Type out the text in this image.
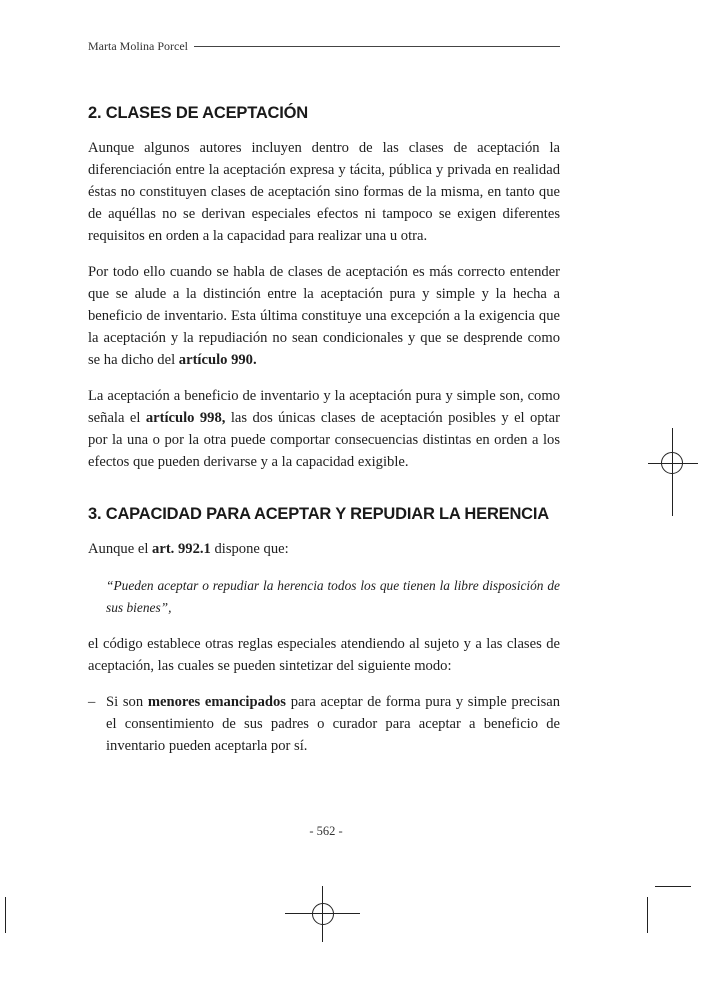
Marta Molina Porcel
2. CLASES DE ACEPTACIÓN

Aunque algunos autores incluyen dentro de las clases de aceptación la diferenciación entre la aceptación expresa y tácita, pública y privada en realidad éstas no constituyen clases de aceptación sino formas de la misma, en tanto que de aquéllas no se derivan especiales efectos ni tampoco se exigen diferentes requisitos en orden a la capacidad para realizar una u otra.

Por todo ello cuando se habla de clases de aceptación es más correcto entender que se alude a la distinción entre la aceptación pura y simple y la hecha a beneficio de inventario. Esta última constituye una excepción a la exigencia que la aceptación y la repudiación no sean condicionales y que se desprende como se ha dicho del artículo 990.

La aceptación a beneficio de inventario y la aceptación pura y simple son, como señala el artículo 998, las dos únicas clases de aceptación posibles y el optar por la una o por la otra puede comportar consecuencias distintas en orden a los efectos que pueden derivarse y a la capacidad exigible.

3. CAPACIDAD PARA ACEPTAR Y REPUDIAR LA HERENCIA

Aunque el art. 992.1 dispone que:

“Pueden aceptar o repudiar la herencia todos los que tienen la libre disposición de sus bienes”,

el código establece otras reglas especiales atendiendo al sujeto y a las clases de aceptación, las cuales se pueden sintetizar del siguiente modo:

– Si son menores emancipados para aceptar de forma pura y simple precisan el consentimiento de sus padres o curador para aceptar a beneficio de inventario pueden aceptarla por sí.

- 562 -
